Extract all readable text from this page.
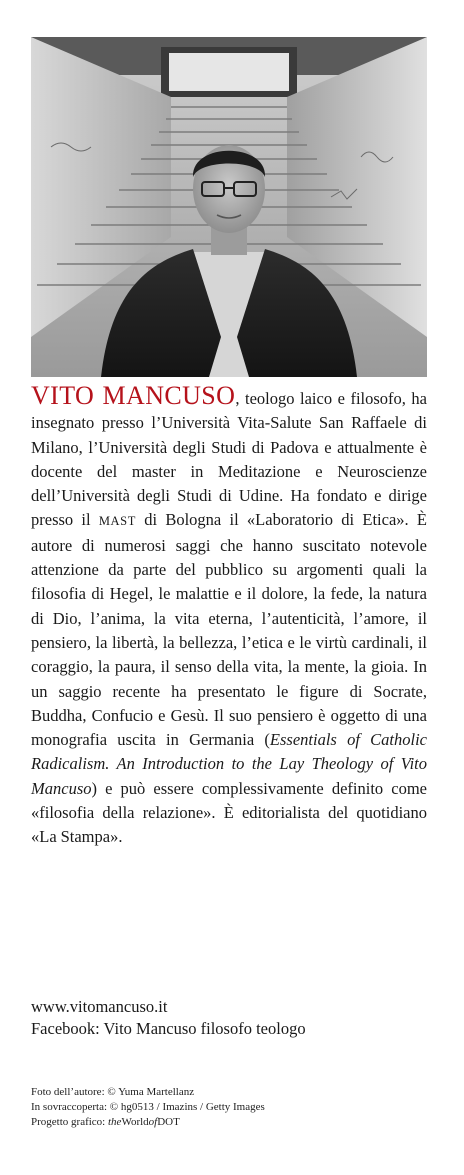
VITO MANCUSO, teologo laico e filosofo, ha insegnato presso l’Università Vita-Salute San Raffaele di Milano, l’Università degli Studi di Padova e attualmente è docente del master in Meditazione e Neuroscienze dell’Università degli Studi di Udine. Ha fondato e dirige presso il MAST di Bologna il «Laboratorio di Etica». È autore di numerosi saggi che hanno suscitato notevole attenzione da parte del pubblico su argomenti quali la filosofia di Hegel, le malattie e il dolore, la fede, la natura di Dio, l’anima, la vita eterna, l’autenticità, l’amore, il pensiero, la libertà, la bellezza, l’etica e le virtù cardinali, il coraggio, la paura, il senso della vita, la mente, la gioia. In un saggio recente ha presentato le figure di Socrate, Buddha, Confucio e Gesù. Il suo pensiero è oggetto di una monografia uscita in Germania (Essentials of Catholic Radicalism. An Introduction to the Lay Theology of Vito Mancuso) e può essere complessivamente definito come «filosofia della relazione». È editorialista del quotidiano «La Stampa».
www.vitomancuso.it
Facebook: Vito Mancuso filosofo teologo
Foto dell’autore: © Yuma Martellanz
In sovraccoperta: © hg0513 / Imazins / Getty Images
Progetto grafico: theWorldofDOT
